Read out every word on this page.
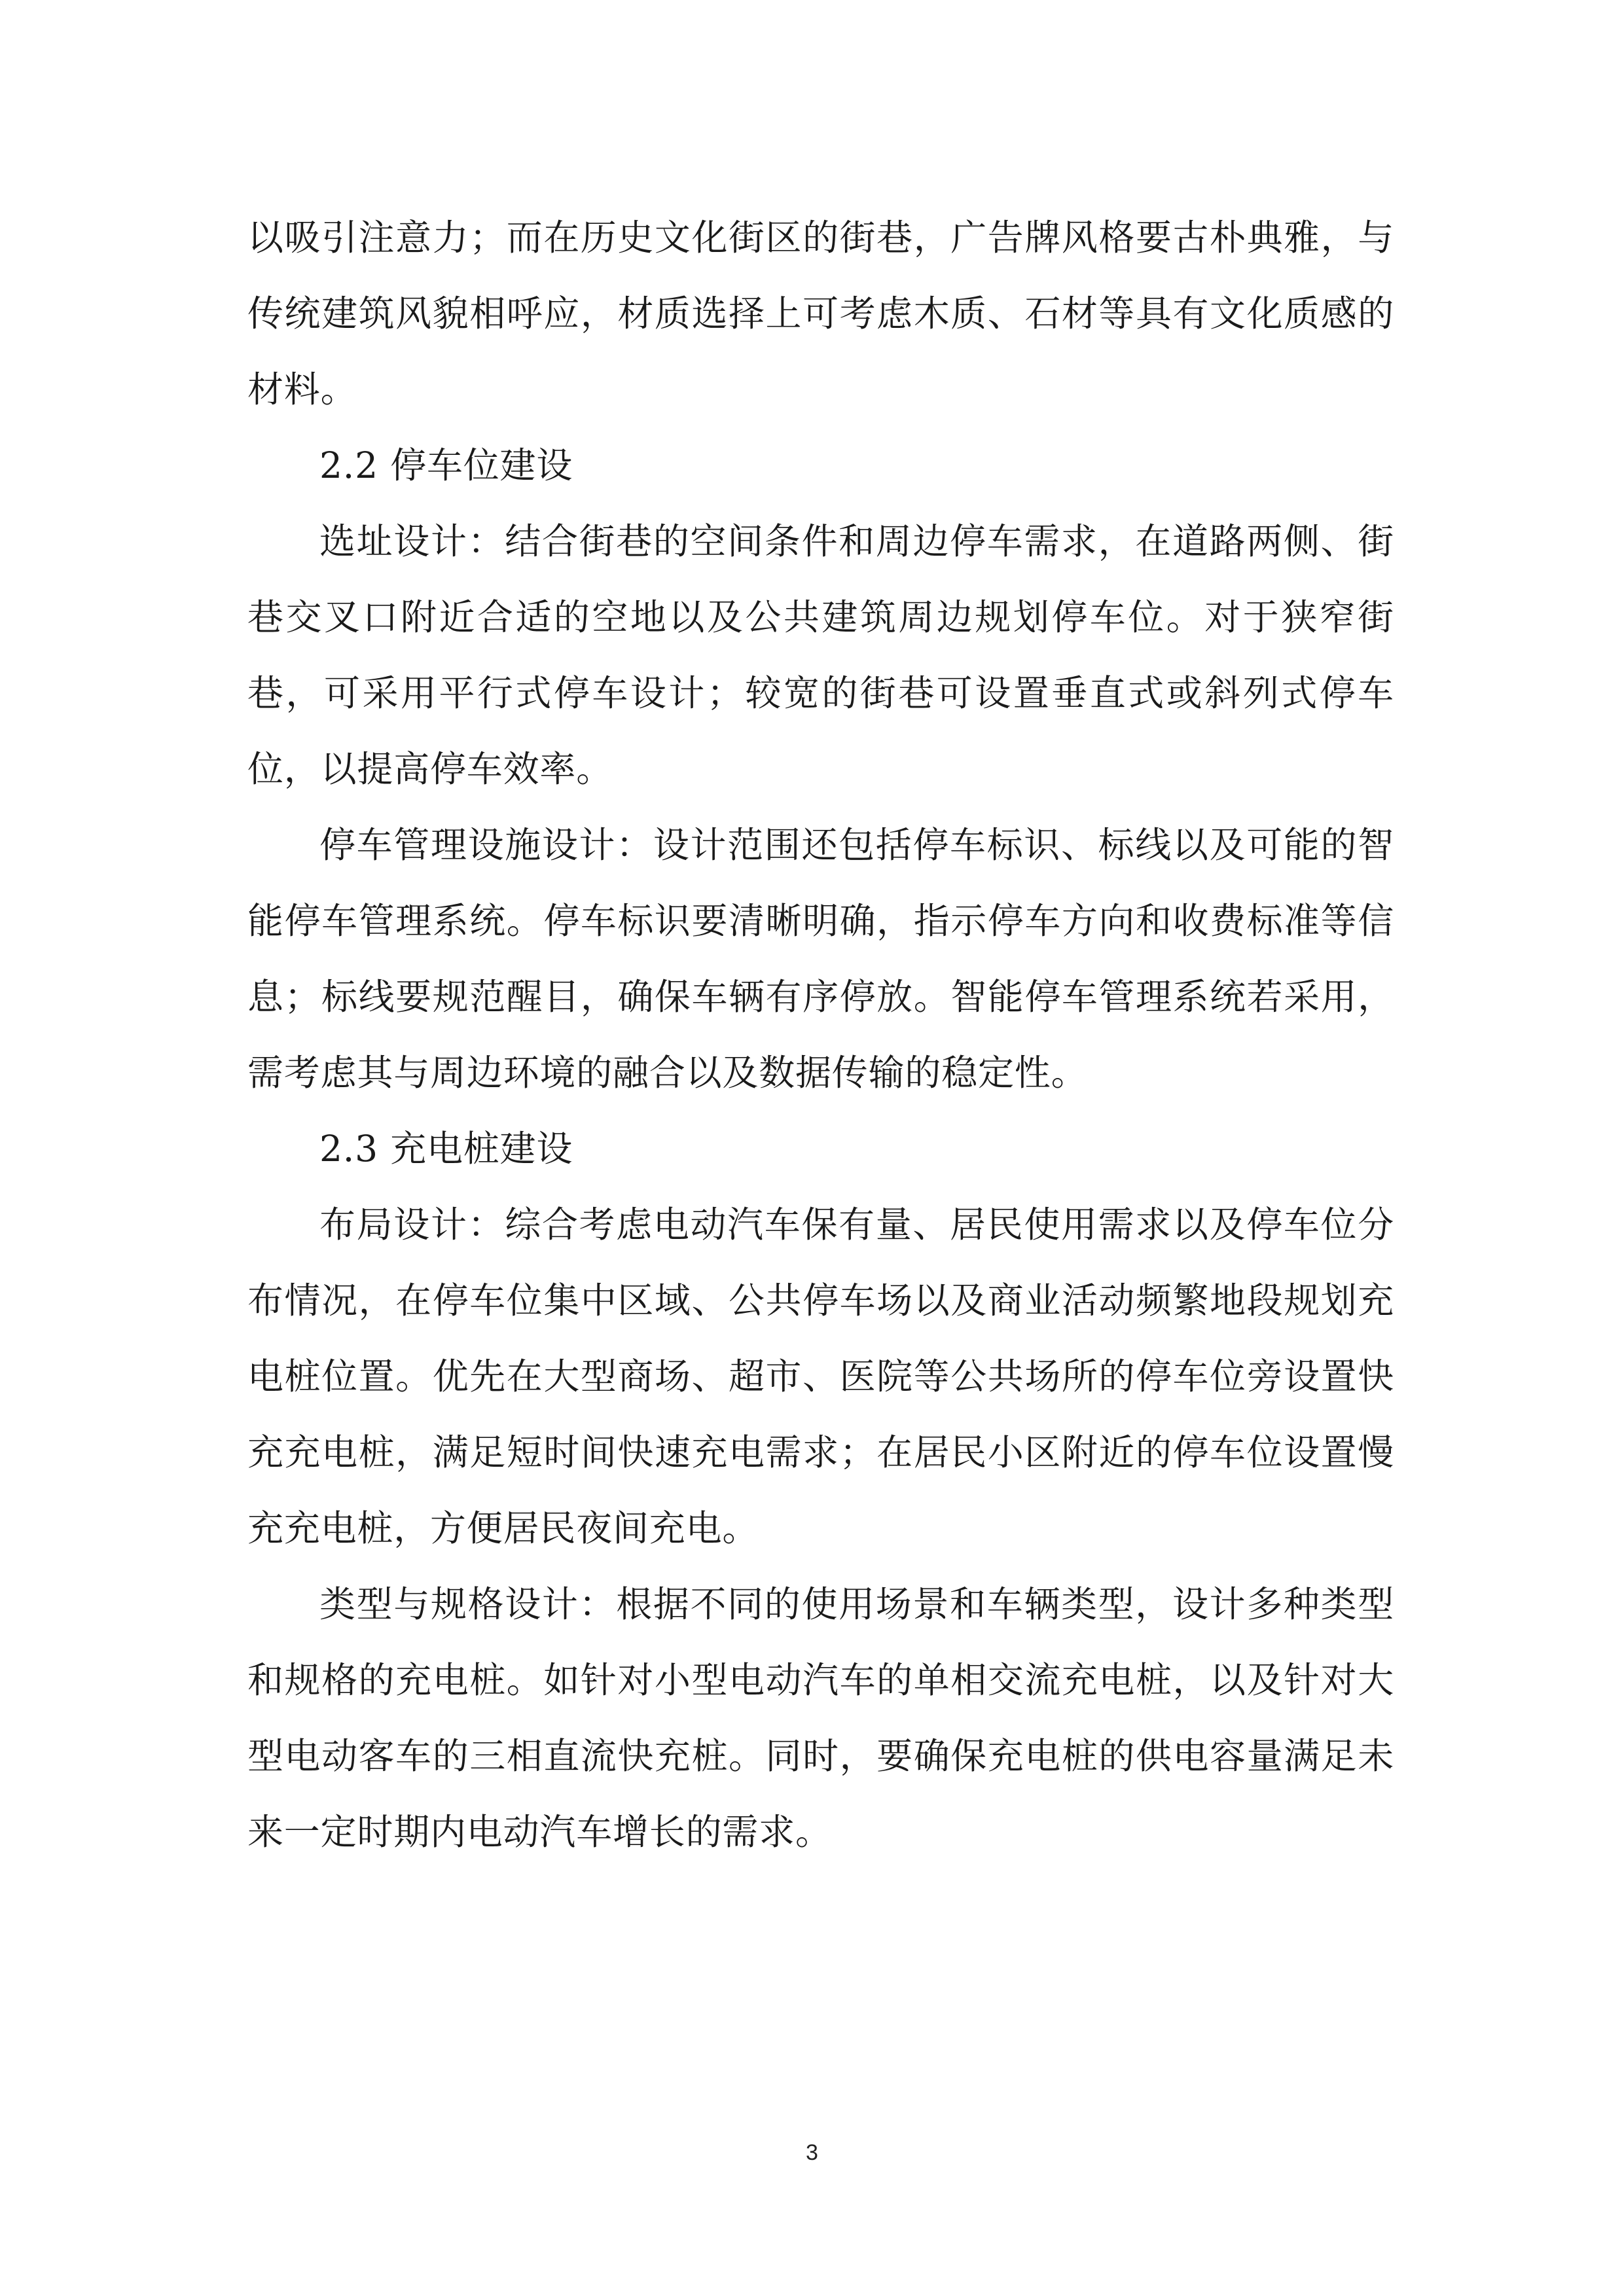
以吸引注意力；而在历史文化街区的街巷，广告牌风格要古朴典雅，与传统建筑风貌相呼应，材质选择上可考虑木质、石材等具有文化质感的材料。

2.2 停车位建设

选址设计：结合街巷的空间条件和周边停车需求，在道路两侧、街巷交叉口附近合适的空地以及公共建筑周边规划停车位。对于狭窄街巷，可采用平行式停车设计；较宽的街巷可设置垂直式或斜列式停车位，以提高停车效率。

停车管理设施设计：设计范围还包括停车标识、标线以及可能的智能停车管理系统。停车标识要清晰明确，指示停车方向和收费标准等信息；标线要规范醒目，确保车辆有序停放。智能停车管理系统若采用，需考虑其与周边环境的融合以及数据传输的稳定性。

2.3 充电桩建设

布局设计：综合考虑电动汽车保有量、居民使用需求以及停车位分布情况，在停车位集中区域、公共停车场以及商业活动频繁地段规划充电桩位置。优先在大型商场、超市、医院等公共场所的停车位旁设置快充充电桩，满足短时间快速充电需求；在居民小区附近的停车位设置慢充充电桩，方便居民夜间充电。

类型与规格设计：根据不同的使用场景和车辆类型，设计多种类型和规格的充电桩。如针对小型电动汽车的单相交流充电桩，以及针对大型电动客车的三相直流快充桩。同时，要确保充电桩的供电容量满足未来一定时期内电动汽车增长的需求。

3
